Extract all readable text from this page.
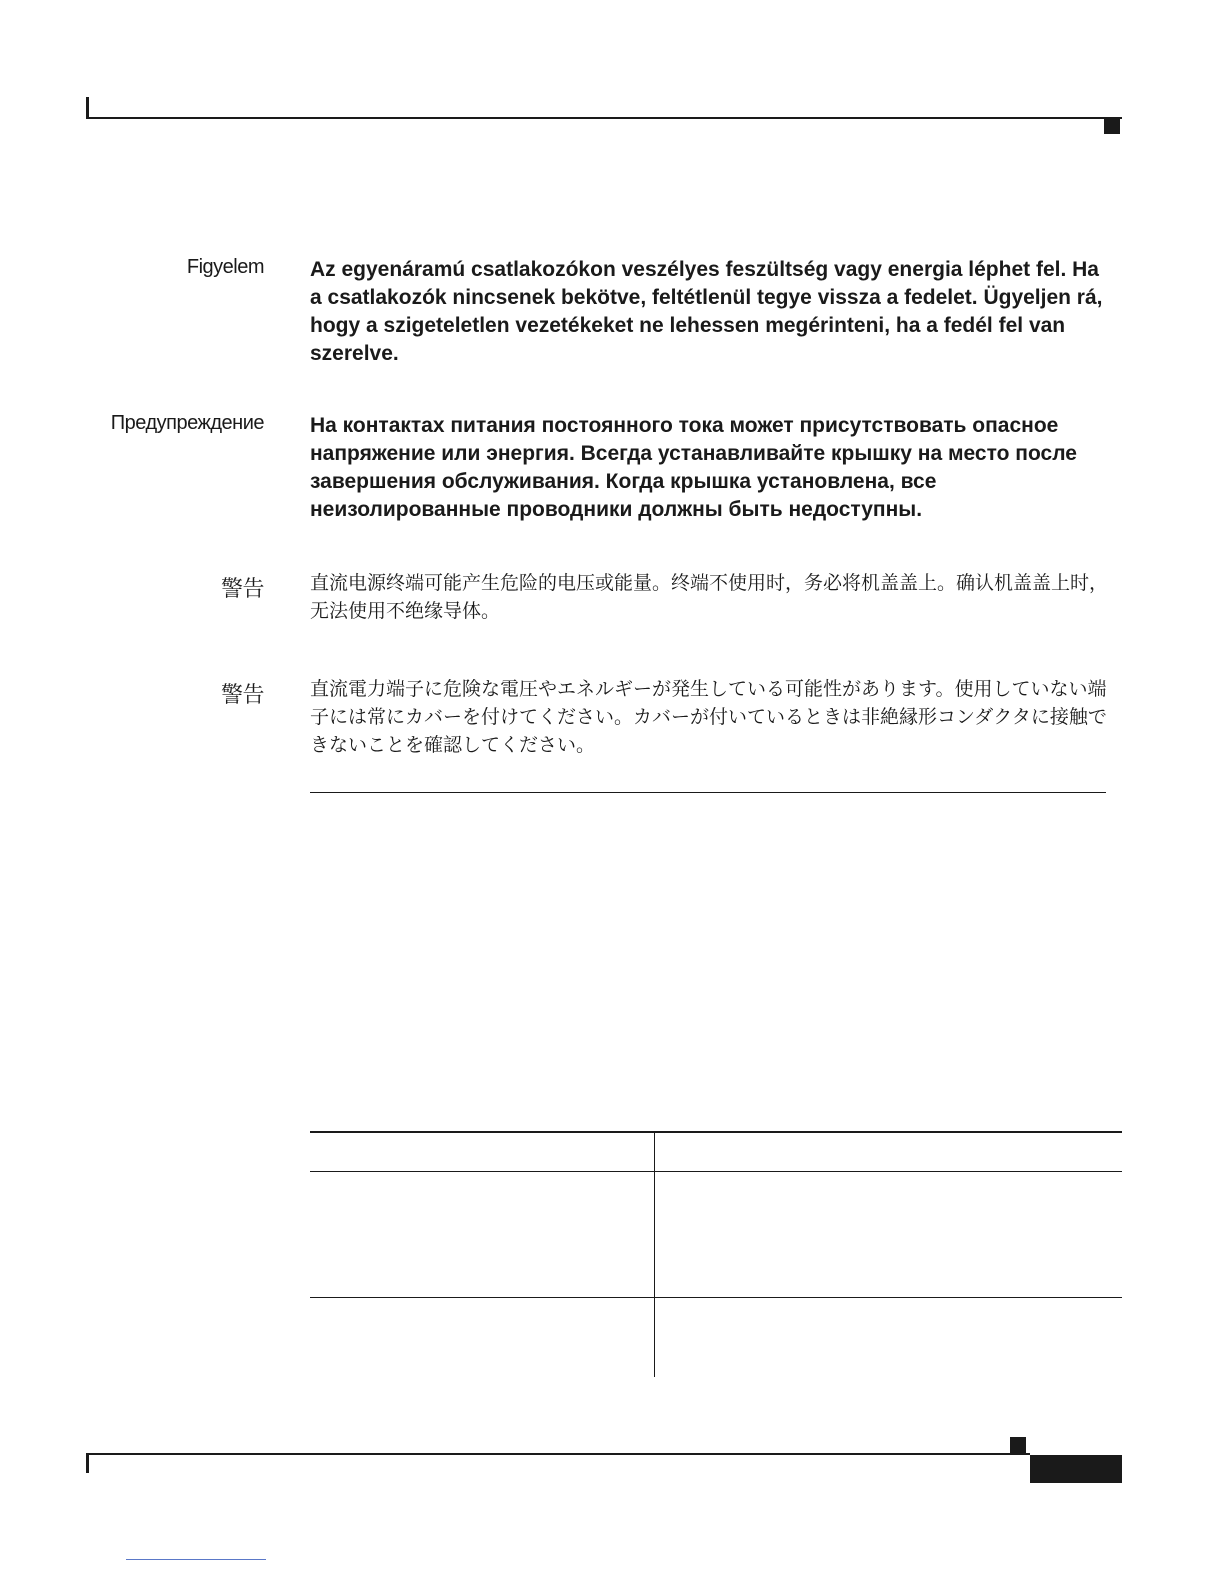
Figyelem Az egyenáramú csatlakozókon veszélyes feszültség vagy energia léphet fel. Ha a csatlakozók nincsenek bekötve, feltétlenül tegye vissza a fedelet. Ügyeljen rá, hogy a szigeteletlen vezetékeket ne lehessen megérinteni, ha a fedél fel van szerelve.
Предупреждение На контактах питания постоянного тока может присутствовать опасное напряжение или энергия. Всегда устанавливайте крышку на место после завершения обслуживания. Когда крышка установлена, все неизолированные проводники должны быть недоступны.
警告 直流电源终端可能产生危险的电压或能量。终端不使用时，务必将机盖盖上。确认机盖盖上时，无法使用不绝缘导体。
警告 直流電力端子に危険な電圧やエネルギーが発生している可能性があります。使用していない端子には常にカバーを付けてください。カバーが付いているときは非絶縁形コンダクタに接触できないことを確認してください。
